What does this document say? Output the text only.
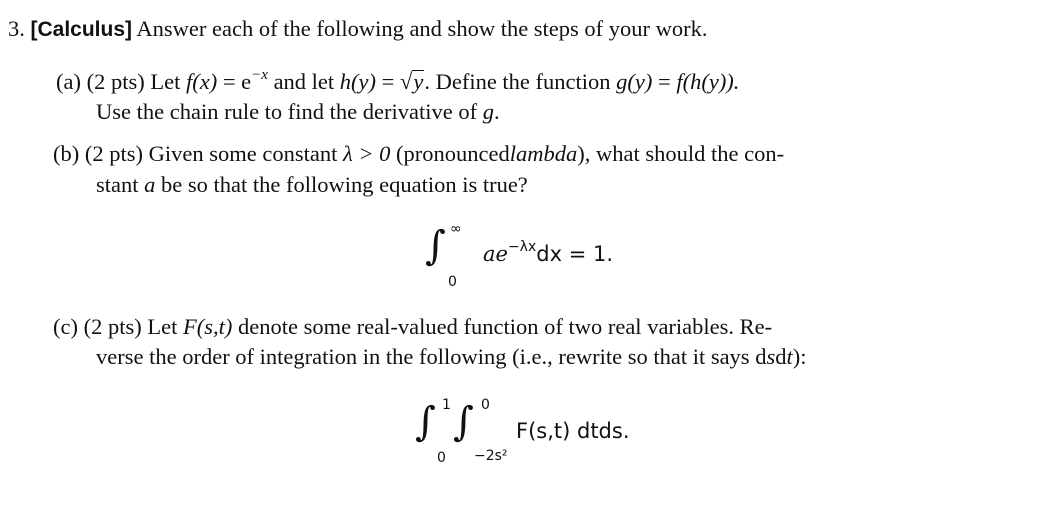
3. [Calculus] Answer each of the following and show the steps of your work.
(a) (2 pts) Let $f(x) = e^{-x}$ and let h(y) = √y. Define the function g(y) = f(h(y)).
Use the chain rule to find the derivative of g.
(b) (2 pts) Given some constant λ > 0 (pronouncedlambda), what should the con-
stant a be so that the following equation is true?
∫ ∞
0
$ae^{-\lambda x}dx = 1$.
(c) (2 pts) Let F(s,t) denote some real-valued function of two real variables. Re-
verse the order of integration in the following (i.e., rewrite so that it says dsdt):
∫ 1
0
∫ 0
−2s²
F(s,t) dtds.
